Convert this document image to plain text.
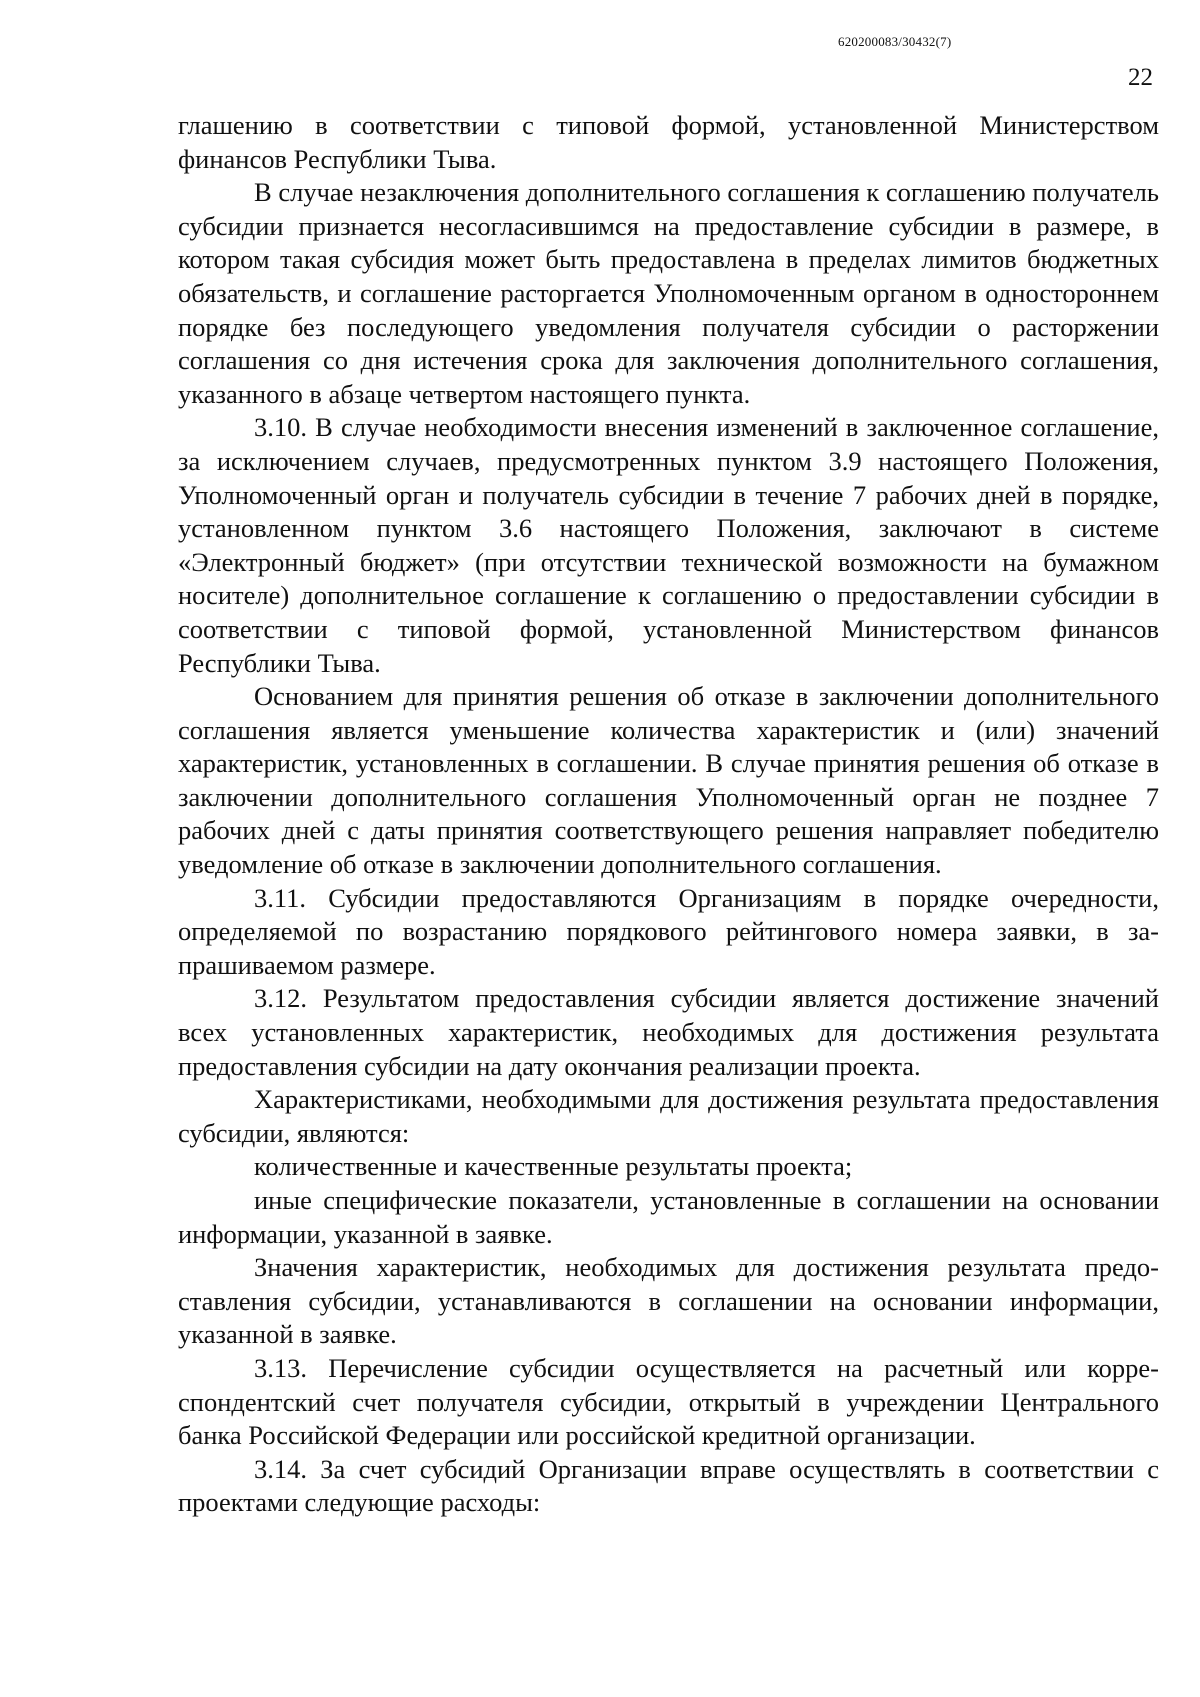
620200083/30432(7)
22

глашению в соответствии с типовой формой, установленной Министерством финансов Республики Тыва.

В случае незаключения дополнительного соглашения к соглашению получатель субсидии признается несогласившимся на предоставление субсидии в размере, в котором такая субсидия может быть предоставлена в пределах лимитов бюджетных обязательств, и соглашение расторгается Уполномоченным органом в одностороннем порядке без последующего уведомления получателя субсидии о расторжении соглашения со дня истечения срока для заключения дополнительного соглашения, указанного в абзаце четвертом настоящего пункта.

3.10. В случае необходимости внесения изменений в заключенное соглашение, за исключением случаев, предусмотренных пунктом 3.9 настоящего Положения, Уполномоченный орган и получатель субсидии в течение 7 рабочих дней в порядке, установленном пунктом 3.6 настоящего Положения, заключают в системе «Электронный бюджет» (при отсутствии технической возможности на бумажном носителе) дополнительное соглашение к соглашению о предоставлении субсидии в соответствии с типовой формой, установленной Министерством финансов Республики Тыва.

Основанием для принятия решения об отказе в заключении дополнительного соглашения является уменьшение количества характеристик и (или) значений характеристик, установленных в соглашении. В случае принятия решения об отказе в заключении дополнительного соглашения Уполномоченный орган не позднее 7 рабочих дней с даты принятия соответствующего решения направляет победителю уведомление об отказе в заключении дополнительного соглашения.

3.11. Субсидии предоставляются Организациям в порядке очередности, определяемой по возрастанию порядкового рейтингового номера заявки, в запрашиваемом размере.

3.12. Результатом предоставления субсидии является достижение значений всех установленных характеристик, необходимых для достижения результата предоставления субсидии на дату окончания реализации проекта.

Характеристиками, необходимыми для достижения результата предоставления субсидии, являются:

количественные и качественные результаты проекта;

иные специфические показатели, установленные в соглашении на основании информации, указанной в заявке.

Значения характеристик, необходимых для достижения результата предоставления субсидии, устанавливаются в соглашении на основании информации, указанной в заявке.

3.13. Перечисление субсидии осуществляется на расчетный или корреспондентский счет получателя субсидии, открытый в учреждении Центрального банка Российской Федерации или российской кредитной организации.

3.14. За счет субсидий Организации вправе осуществлять в соответствии с проектами следующие расходы:
